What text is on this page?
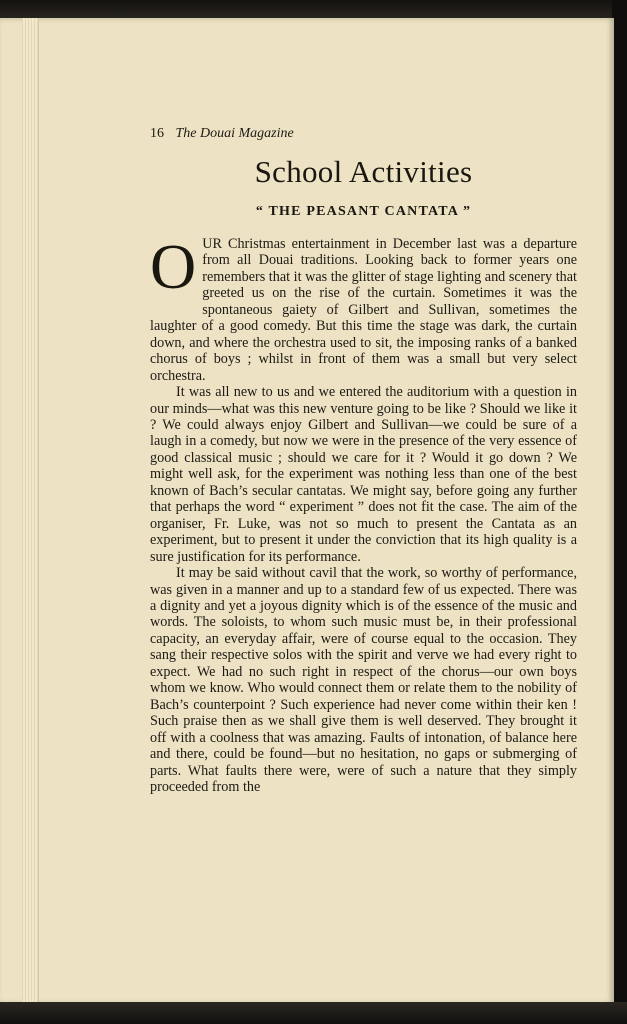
16 The Douai Magazine
School Activities
“ THE PEASANT CANTATA ”

O UR Christmas entertainment in December last was a departure from all Douai traditions. Looking back to former years one remembers that it was the glitter of stage lighting and scenery that greeted us on the rise of the curtain. Sometimes it was the spontaneous gaiety of Gilbert and Sullivan, sometimes the laughter of a good comedy. But this time the stage was dark, the curtain down, and where the orchestra used to sit, the imposing ranks of a banked chorus of boys ; whilst in front of them was a small but very select orchestra.

It was all new to us and we entered the auditorium with a question in our minds—what was this new venture going to be like ? Should we like it ? We could always enjoy Gilbert and Sullivan—we could be sure of a laugh in a comedy, but now we were in the presence of the very essence of good classical music ; should we care for it ? Would it go down ? We might well ask, for the experiment was nothing less than one of the best known of Bach’s secular cantatas. We might say, before going any further that perhaps the word “ experiment ” does not fit the case. The aim of the organiser, Fr. Luke, was not so much to present the Cantata as an experiment, but to present it under the conviction that its high quality is a sure justification for its performance.

It may be said without cavil that the work, so worthy of performance, was given in a manner and up to a standard few of us expected. There was a dignity and yet a joyous dignity which is of the essence of the music and words. The soloists, to whom such music must be, in their professional capacity, an everyday affair, were of course equal to the occasion. They sang their respective solos with the spirit and verve we had every right to expect. We had no such right in respect of the chorus—our own boys whom we know. Who would connect them or relate them to the nobility of Bach’s counterpoint ? Such experience had never come within their ken ! Such praise then as we shall give them is well deserved. They brought it off with a coolness that was amazing. Faults of intonation, of balance here and there, could be found—but no hesitation, no gaps or submerging of parts. What faults there were, were of such a nature that they simply proceeded from the
